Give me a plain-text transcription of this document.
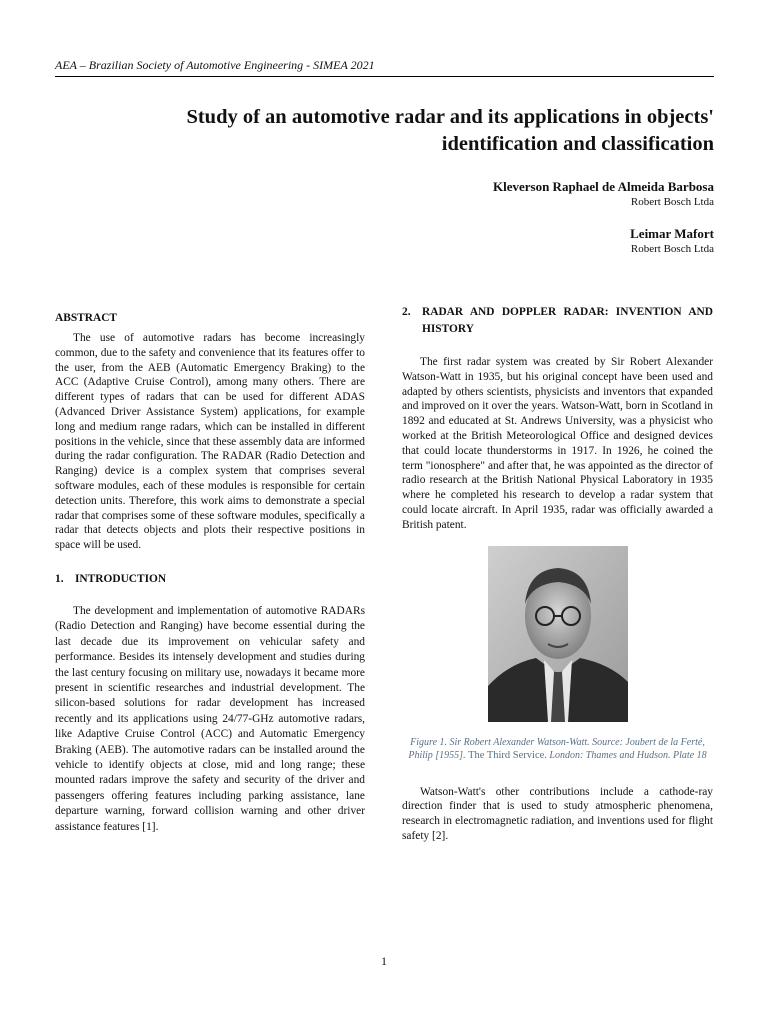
AEA – Brazilian Society of Automotive Engineering - SIMEA 2021
Study of an automotive radar and its applications in objects'
identification and classification
Kleverson Raphael de Almeida Barbosa
Robert Bosch Ltda
Leimar Mafort
Robert Bosch Ltda
ABSTRACT

The use of automotive radars has become increasingly common, due to the safety and convenience that its features offer to the user, from the AEB (Automatic Emergency Braking) to the ACC (Adaptive Cruise Control), among many others. There are different types of radars that can be used for different ADAS (Advanced Driver Assistance System) applications, for example long and medium range radars, which can be installed in different positions in the vehicle, since that these assembly data are informed during the radar configuration. The RADAR (Radio Detection and Ranging) device is a complex system that comprises several software modules, each of these modules is responsible for certain detection units. Therefore, this work aims to demonstrate a special radar that comprises some of these software modules, specifically a radar that detects objects and plots their respective positions in space will be used.

1. INTRODUCTION

The development and implementation of automotive RADARs (Radio Detection and Ranging) have become essential during the last decade due its improvement on vehicular safety and performance. Besides its intensely development and studies during the last century focusing on military use, nowadays it became more present in scientific researches and industrial development. The silicon-based solutions for radar development has increased recently and its applications using 24/77-GHz automotive radars, like Adaptive Cruise Control (ACC) and Automatic Emergency Braking (AEB). The automotive radars can be installed around the vehicle to identify objects at close, mid and long range; these mounted radars improve the safety and security of the driver and passengers offering features including parking assistance, lane departure warning, forward collision warning and other driver assistance features [1].

2.	RADAR AND DOPPLER RADAR: INVENTION AND HISTORY

The first radar system was created by Sir Robert Alexander Watson-Watt in 1935, but his original concept have been used and adapted by others scientists, physicists and inventors that expanded and improved on it over the years. Watson-Watt, born in Scotland in 1892 and educated at St. Andrews University, was a physicist who worked at the British Meteorological Office and designed devices that could locate thunderstorms in 1917. In 1926, he coined the term "ionosphere" and after that, he was appointed as the director of radio research at the British National Physical Laboratory in 1935 where he completed his research to develop a radar system that could locate aircraft. In April 1935, radar was officially awarded a British patent.

Figure 1. Sir Robert Alexander Watson-Watt. Source: Joubert de la Ferté, Philip [1955]. The Third Service. London: Thames and Hudson. Plate 18

Watson-Watt's other contributions include a cathode-ray direction finder that is used to study atmospheric phenomena, research in electromagnetic radiation, and inventions used for flight safety [2].

1
